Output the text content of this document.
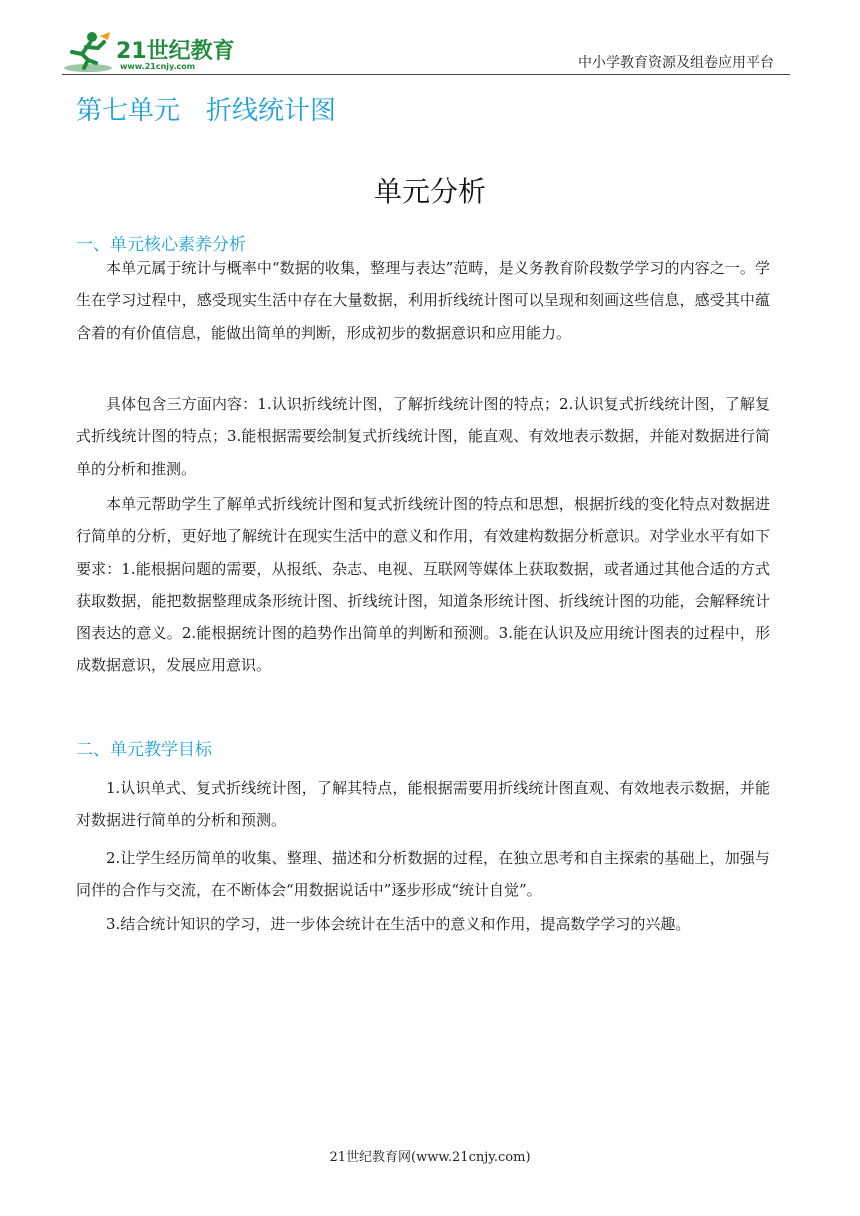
21世纪教育
www.21cnjy.com	中小学教育资源及组卷应用平台
第七单元　折线统计图
单元分析
一、单元核心素养分析

本单元属于统计与概率中“数据的收集，整理与表达”范畴，是义务教育阶段数学学习的内容之一。学生在学习过程中，感受现实生活中存在大量数据，利用折线统计图可以呈现和刻画这些信息，感受其中蕴含着的有价值信息，能做出简单的判断，形成初步的数据意识和应用能力。

具体包含三方面内容：1.认识折线统计图，了解折线统计图的特点；2.认识复式折线统计图，了解复式折线统计图的特点；3.能根据需要绘制复式折线统计图，能直观、有效地表示数据，并能对数据进行简单的分析和推测。

本单元帮助学生了解单式折线统计图和复式折线统计图的特点和思想，根据折线的变化特点对数据进行简单的分析，更好地了解统计在现实生活中的意义和作用，有效建构数据分析意识。对学业水平有如下要求：1.能根据问题的需要，从报纸、杂志、电视、互联网等媒体上获取数据，或者通过其他合适的方式获取数据，能把数据整理成条形统计图、折线统计图，知道条形统计图、折线统计图的功能，会解释统计图表达的意义。2.能根据统计图的趋势作出简单的判断和预测。3.能在认识及应用统计图表的过程中，形成数据意识，发展应用意识。

二、单元教学目标

1.认识单式、复式折线统计图，了解其特点，能根据需要用折线统计图直观、有效地表示数据，并能对数据进行简单的分析和预测。

2.让学生经历简单的收集、整理、描述和分析数据的过程，在独立思考和自主探索的基础上，加强与同伴的合作与交流，在不断体会“用数据说话中”逐步形成“统计自觉”。

3.结合统计知识的学习，进一步体会统计在生活中的意义和作用，提高数学学习的兴趣。

21世纪教育网(www.21cnjy.com)
